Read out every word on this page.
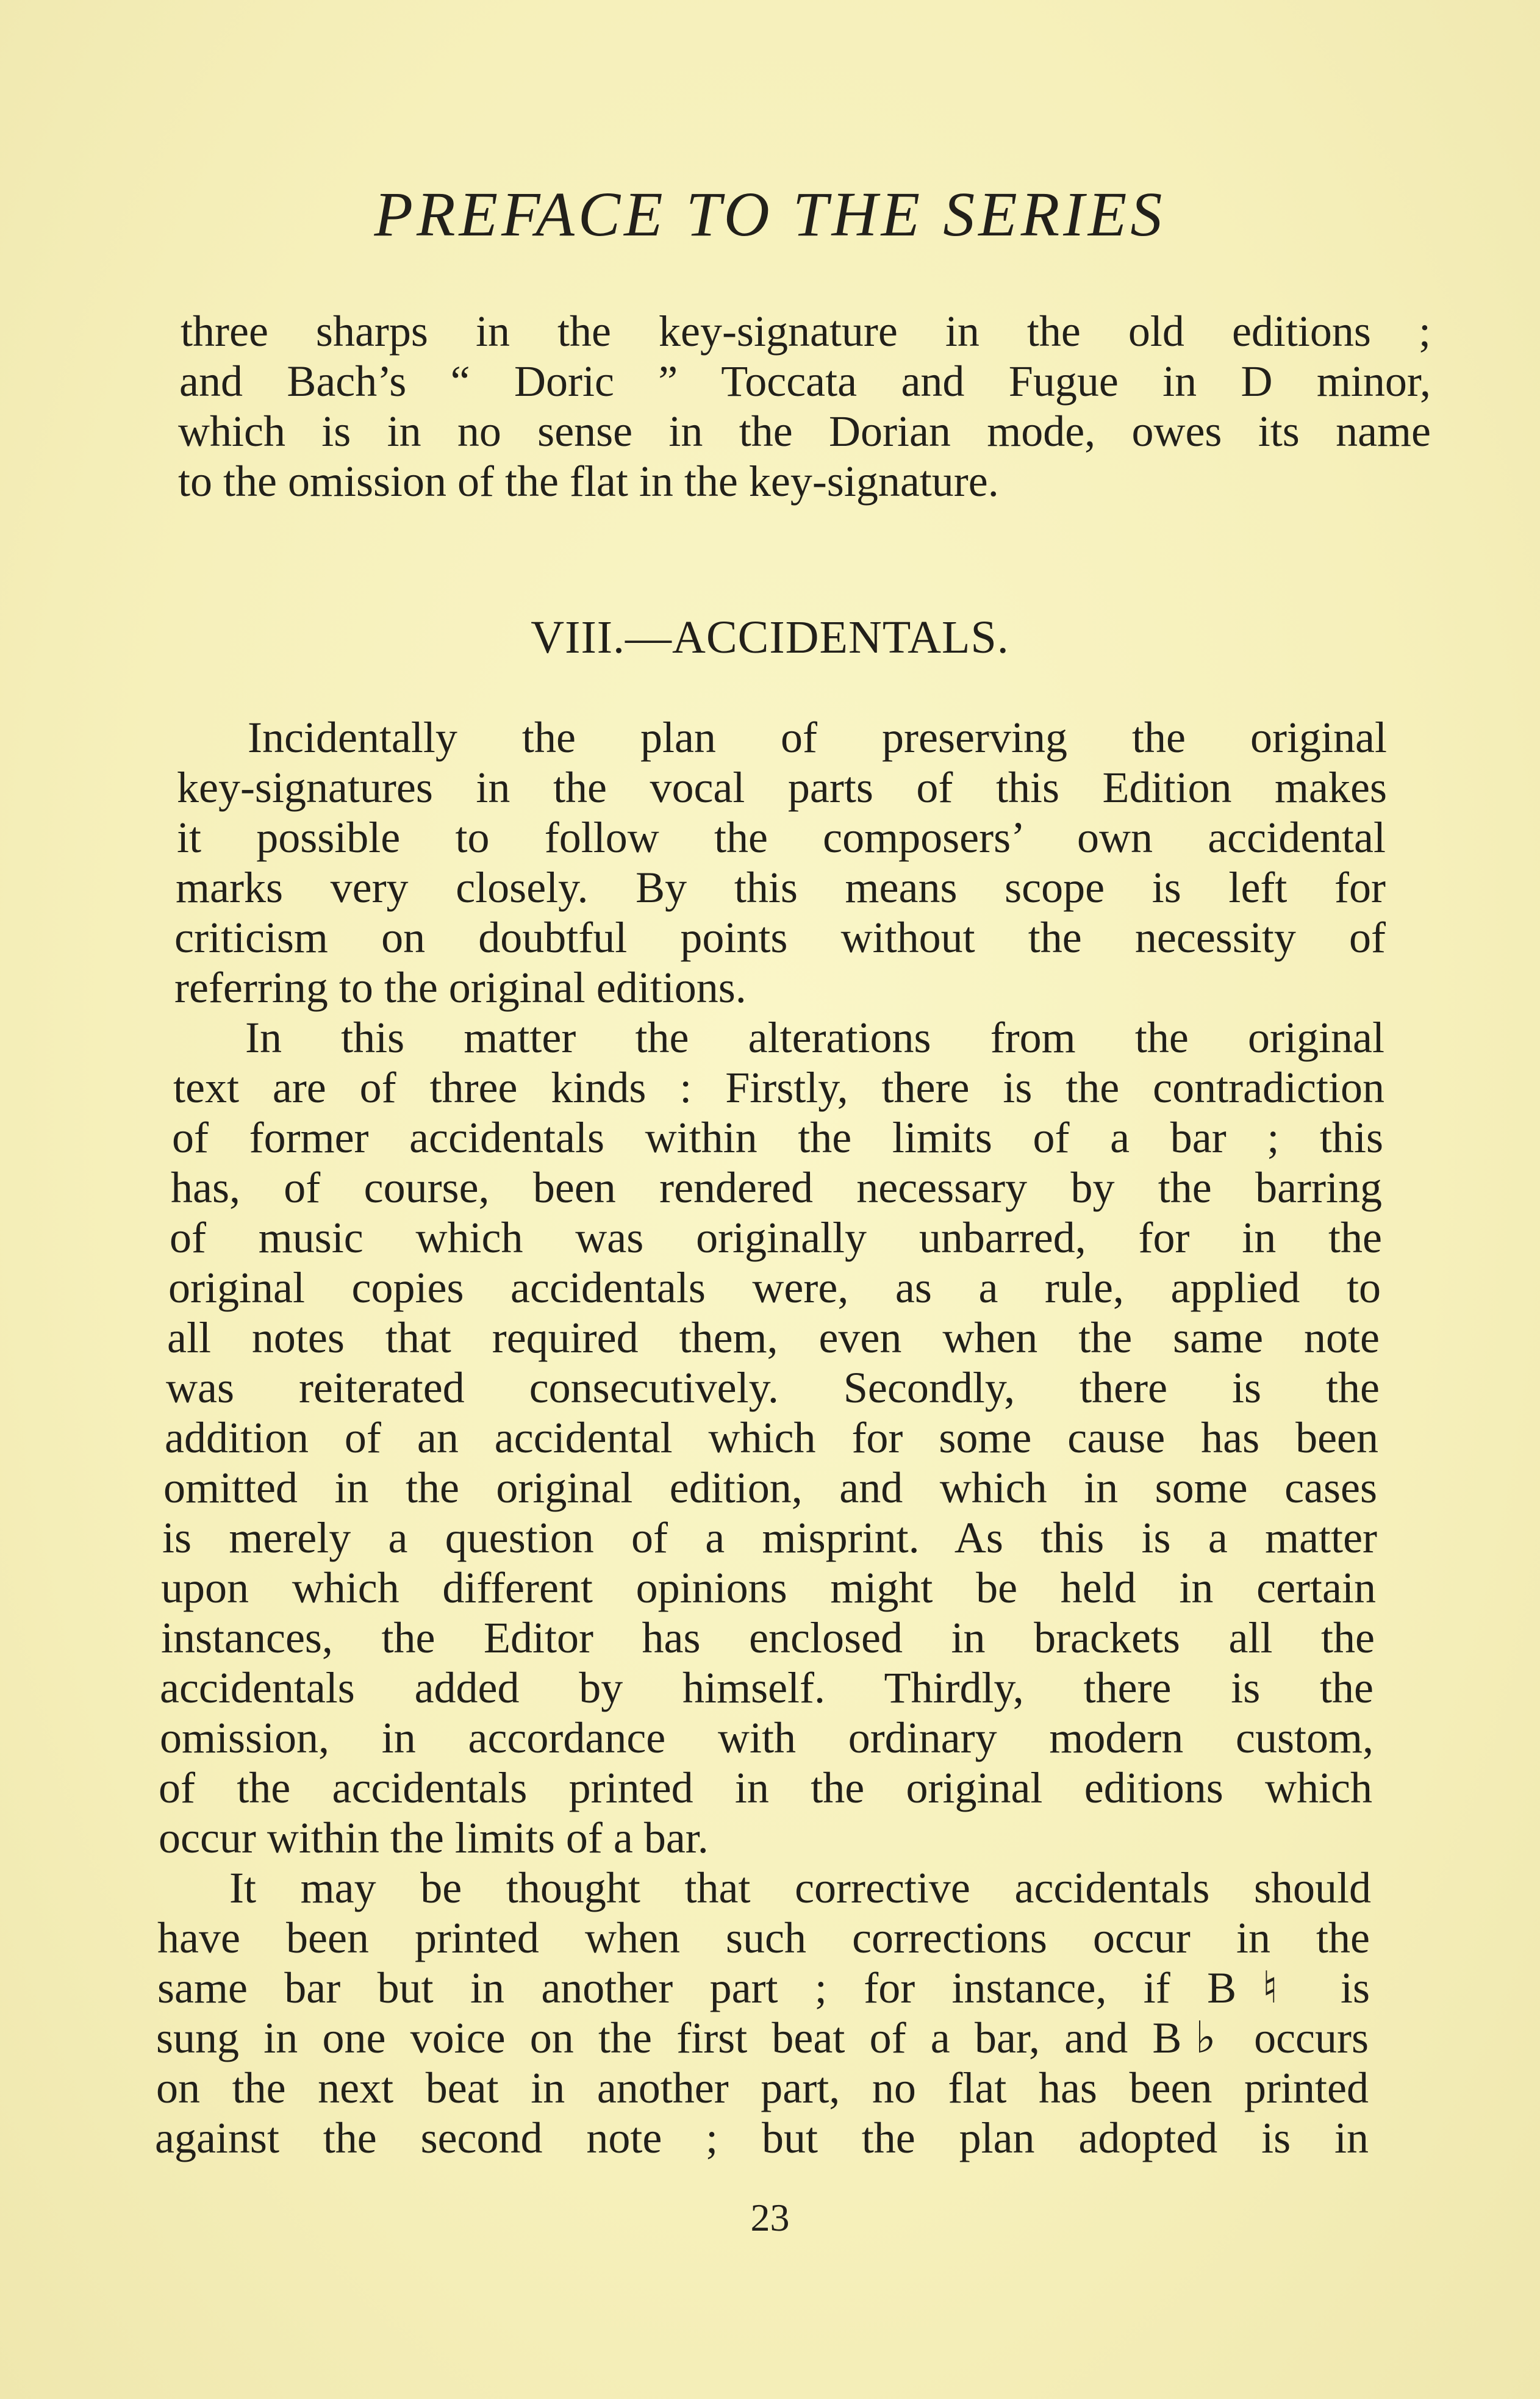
PREFACE TO THE SERIES
three sharps in the key-signature in the old editions ;
and Bach’s “ Doric ” Toccata and Fugue in D minor,
which is in no sense in the Dorian mode, owes its name
to the omission of the flat in the key-signature.
VIII.—ACCIDENTALS.
Incidentally the plan of preserving the original
key-signatures in the vocal parts of this Edition makes
it possible to follow the composers’ own accidental
marks very closely. By this means scope is left for
criticism on doubtful points without the necessity of
referring to the original editions.
In this matter the alterations from the original
text are of three kinds : Firstly, there is the contradiction
of former accidentals within the limits of a bar ; this
has, of course, been rendered necessary by the barring
of music which was originally unbarred, for in the
original copies accidentals were, as a rule, applied to
all notes that required them, even when the same note
was reiterated consecutively. Secondly, there is the
addition of an accidental which for some cause has been
omitted in the original edition, and which in some cases
is merely a question of a misprint. As this is a matter
upon which different opinions might be held in certain
instances, the Editor has enclosed in brackets all the
accidentals added by himself. Thirdly, there is the
omission, in accordance with ordinary modern custom,
of the accidentals printed in the original editions which
occur within the limits of a bar.
It may be thought that corrective accidentals should
have been printed when such corrections occur in the
same bar but in another part ; for instance, if B♮ is
sung in one voice on the first beat of a bar, and B♭ occurs
on the next beat in another part, no flat has been printed
against the second note ; but the plan adopted is in
23
